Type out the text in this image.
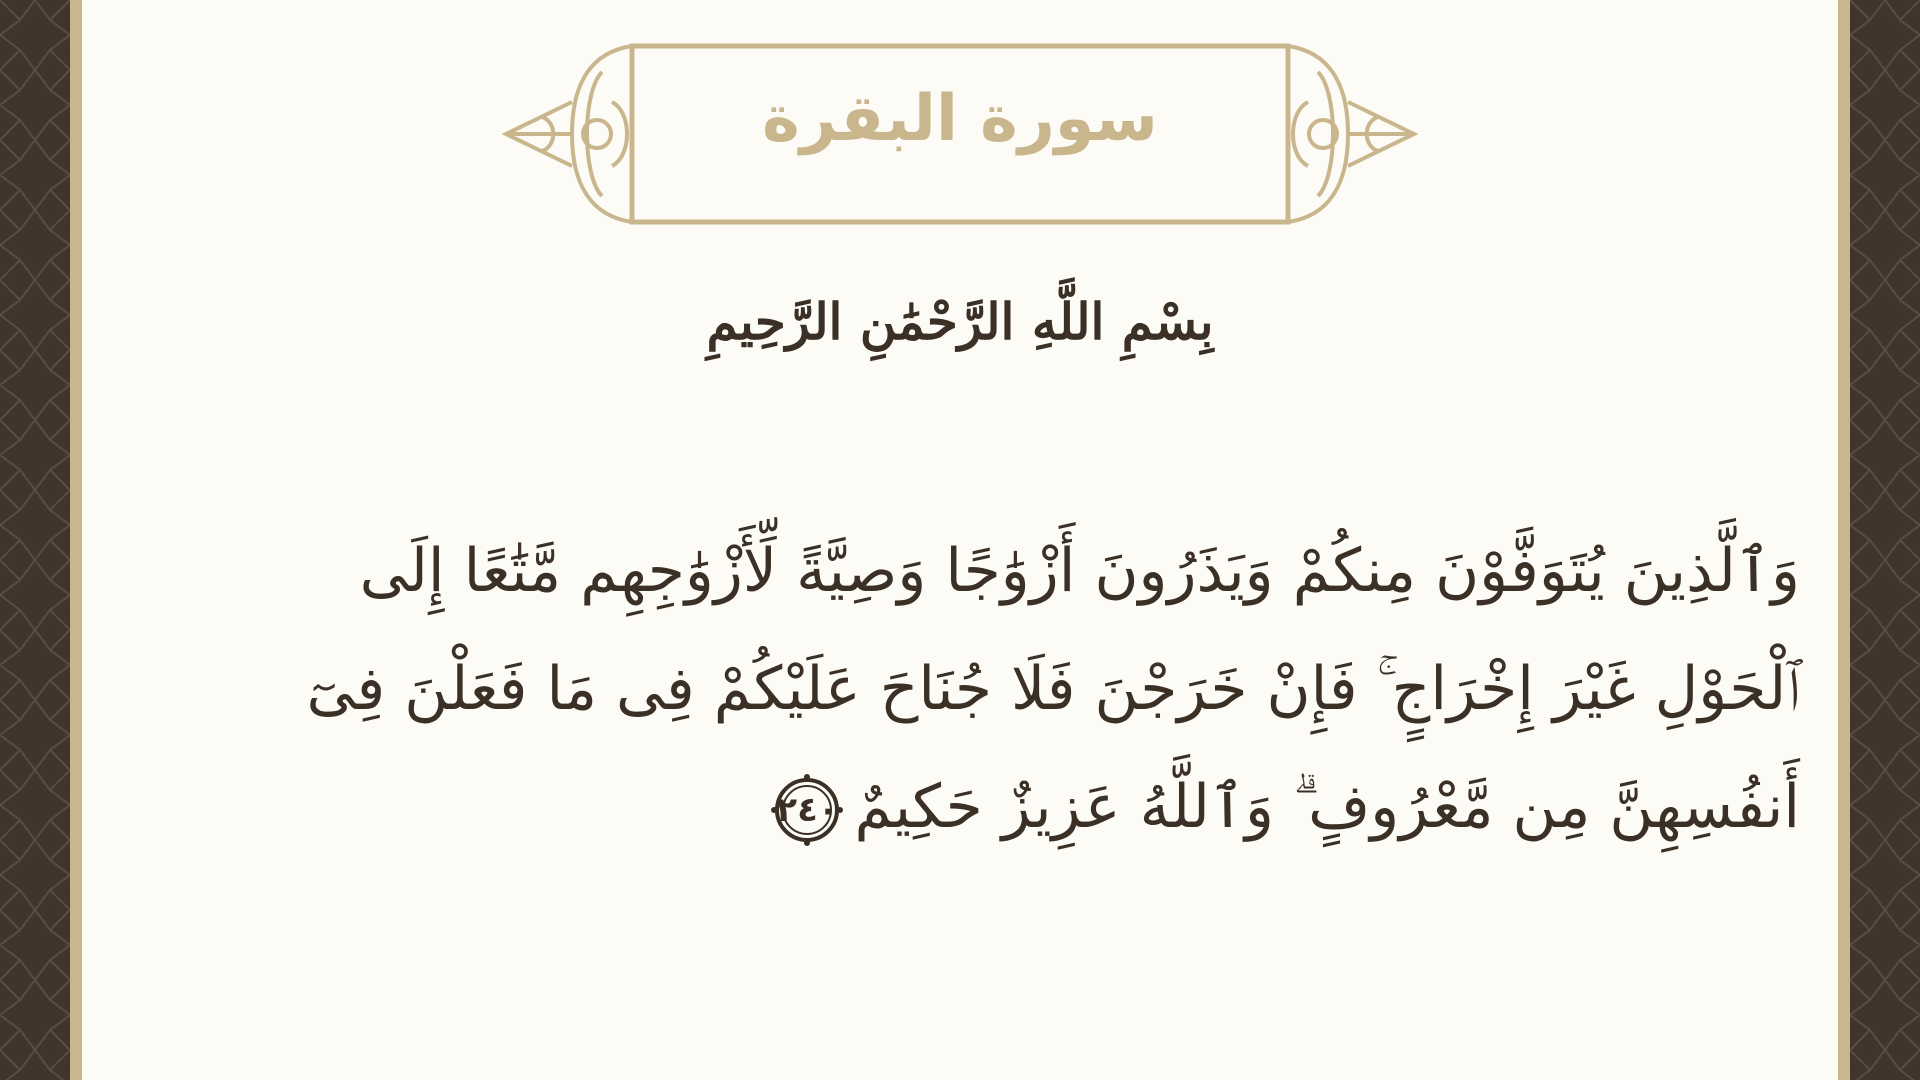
سورة البقرة
بِسْمِ اللَّهِ الرَّحْمَٰنِ الرَّحِيمِ
وَٱلَّذِينَ يُتَوَفَّوْنَ مِنكُمْ وَيَذَرُونَ أَزْوَٰجًا وَصِيَّةً لِّأَزْوَٰجِهِم مَّتَٰعًا إِلَى
ٱلْحَوْلِ غَيْرَ إِخْرَاجٍ ۚ فَإِنْ خَرَجْنَ فَلَا جُنَاحَ عَلَيْكُمْ فِى مَا فَعَلْنَ فِىٓ
أَنفُسِهِنَّ مِن مَّعْرُوفٍ ۗ وَٱللَّهُ عَزِيزٌ حَكِيمٌ
٢٤٠
